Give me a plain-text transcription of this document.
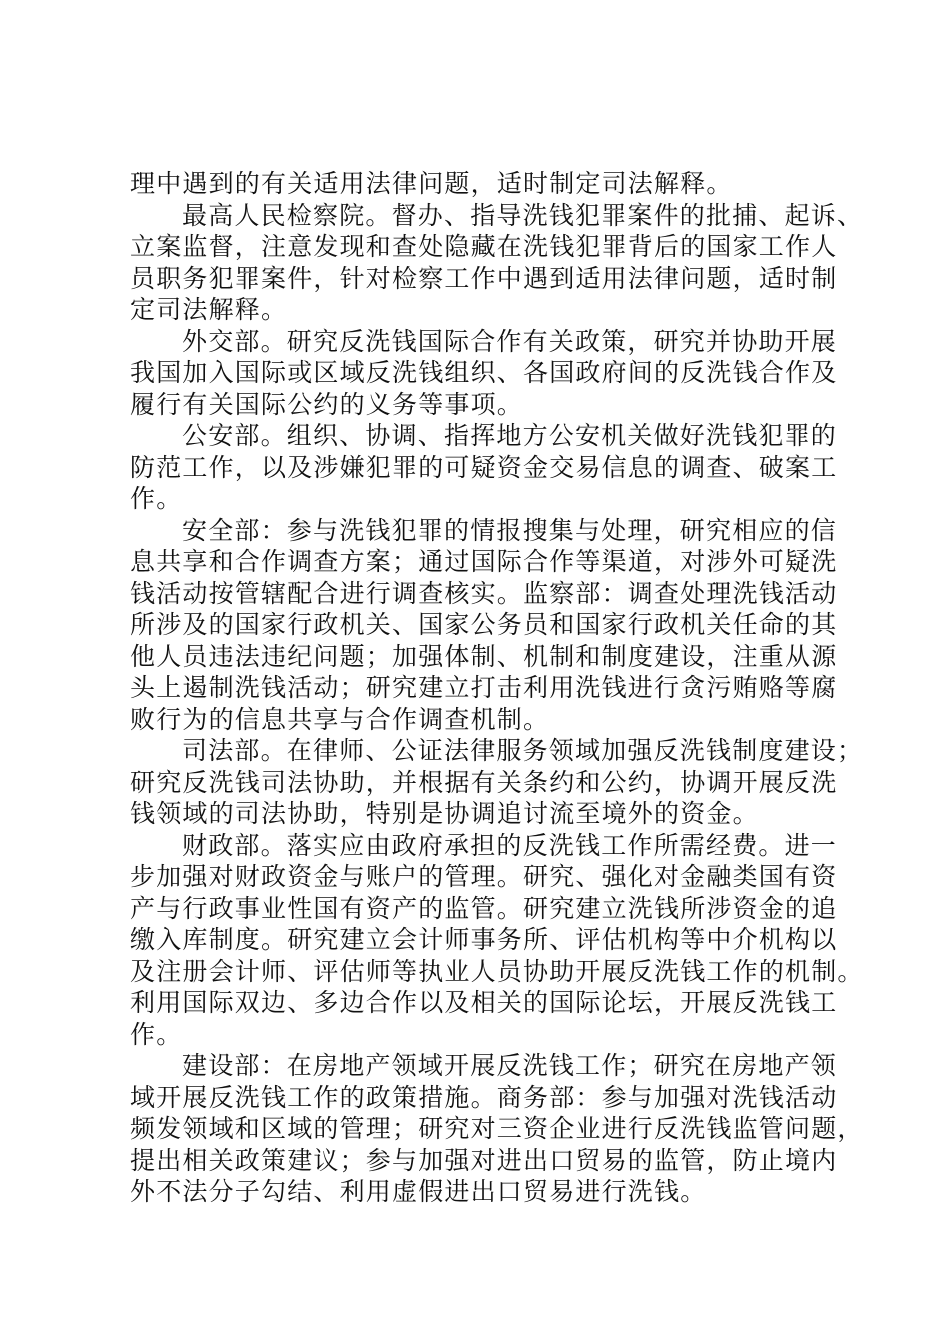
理中遇到的有关适用法律问题，适时制定司法解释。
最高人民检察院。督办、指导洗钱犯罪案件的批捕、起诉、
立案监督，注意发现和查处隐藏在洗钱犯罪背后的国家工作人
员职务犯罪案件，针对检察工作中遇到适用法律问题，适时制
定司法解释。
外交部。研究反洗钱国际合作有关政策，研究并协助开展
我国加入国际或区域反洗钱组织、各国政府间的反洗钱合作及
履行有关国际公约的义务等事项。
公安部。组织、协调、指挥地方公安机关做好洗钱犯罪的
防范工作，以及涉嫌犯罪的可疑资金交易信息的调查、破案工
作。
安全部：参与洗钱犯罪的情报搜集与处理，研究相应的信
息共享和合作调查方案；通过国际合作等渠道，对涉外可疑洗
钱活动按管辖配合进行调查核实。监察部：调查处理洗钱活动
所涉及的国家行政机关、国家公务员和国家行政机关任命的其
他人员违法违纪问题；加强体制、机制和制度建设，注重从源
头上遏制洗钱活动；研究建立打击利用洗钱进行贪污贿赂等腐
败行为的信息共享与合作调查机制。
司法部。在律师、公证法律服务领域加强反洗钱制度建设；
研究反洗钱司法协助，并根据有关条约和公约，协调开展反洗
钱领域的司法协助，特别是协调追讨流至境外的资金。
财政部。落实应由政府承担的反洗钱工作所需经费。进一
步加强对财政资金与账户的管理。研究、强化对金融类国有资
产与行政事业性国有资产的监管。研究建立洗钱所涉资金的追
缴入库制度。研究建立会计师事务所、评估机构等中介机构以
及注册会计师、评估师等执业人员协助开展反洗钱工作的机制。
利用国际双边、多边合作以及相关的国际论坛，开展反洗钱工
作。
建设部：在房地产领域开展反洗钱工作；研究在房地产领
域开展反洗钱工作的政策措施。商务部：参与加强对洗钱活动
频发领域和区域的管理；研究对三资企业进行反洗钱监管问题，
提出相关政策建议；参与加强对进出口贸易的监管，防止境内
外不法分子勾结、利用虚假进出口贸易进行洗钱。
